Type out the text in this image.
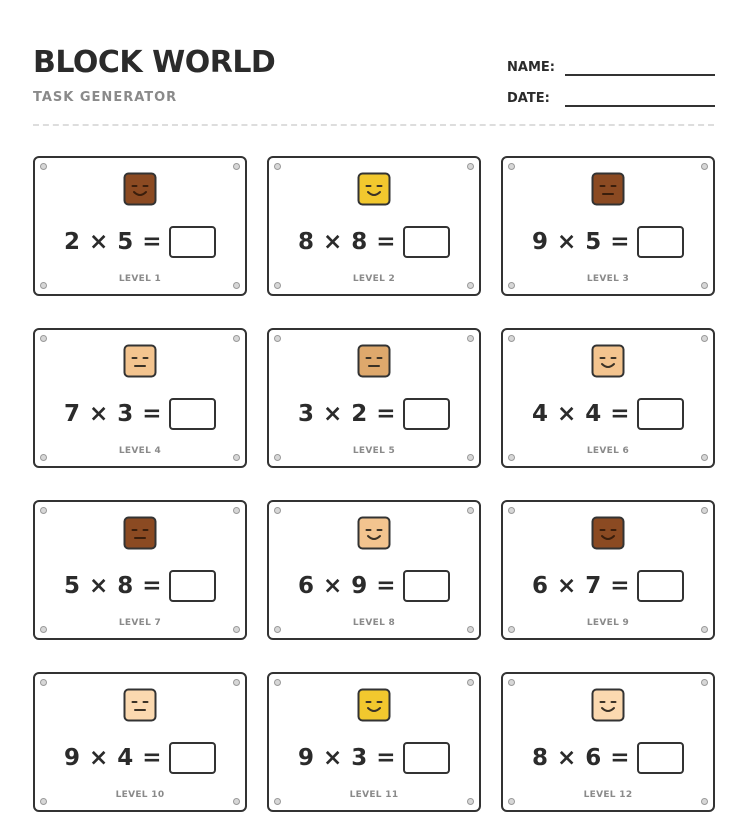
BLOCK WORLD
TASK GENERATOR
NAME:
DATE:
2 × 5 =
LEVEL 1
8 × 8 =
LEVEL 2
9 × 5 =
LEVEL 3
7 × 3 =
LEVEL 4
3 × 2 =
LEVEL 5
4 × 4 =
LEVEL 6
5 × 8 =
LEVEL 7
6 × 9 =
LEVEL 8
6 × 7 =
LEVEL 9
9 × 4 =
LEVEL 10
9 × 3 =
LEVEL 11
8 × 6 =
LEVEL 12
